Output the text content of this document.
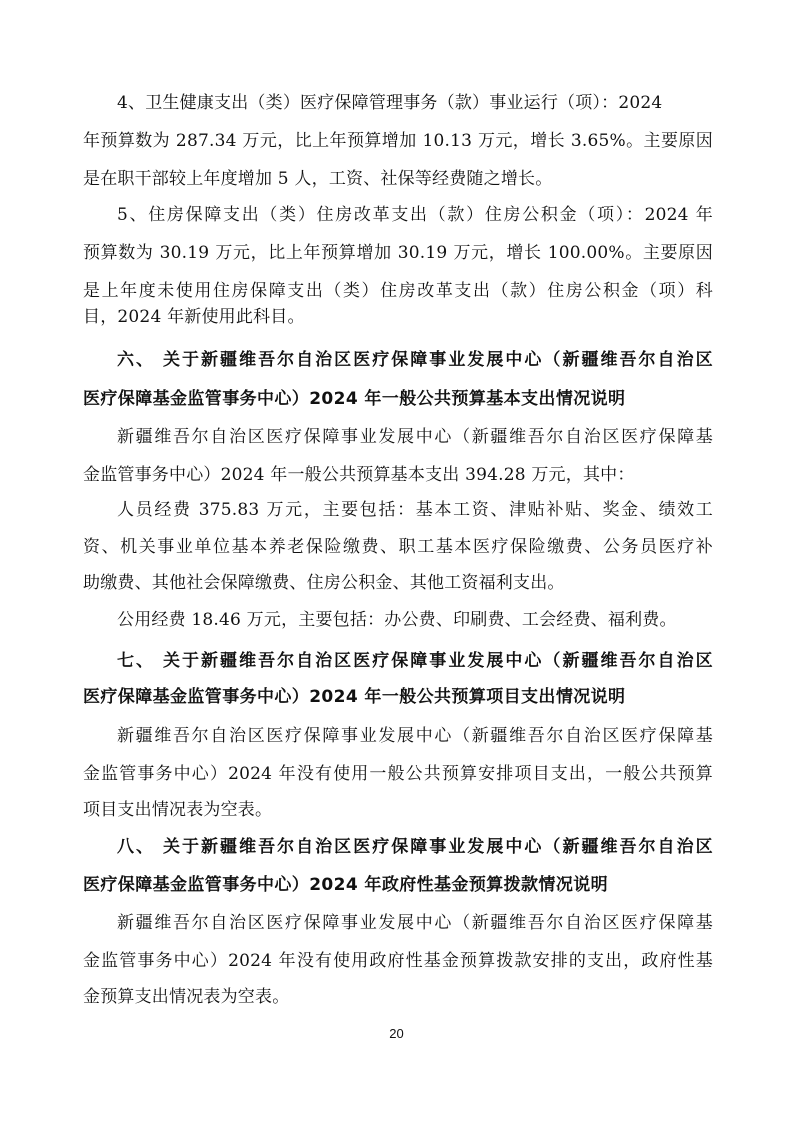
4、卫生健康支出（类）医疗保障管理事务（款）事业运行（项）：2024
年预算数为 287.34 万元，比上年预算增加 10.13 万元，增长 3.65%。主要原因
是在职干部较上年度增加 5 人，工资、社保等经费随之增长。
5、住房保障支出（类）住房改革支出（款）住房公积金（项）：2024 年
预算数为 30.19 万元，比上年预算增加 30.19 万元，增长 100.00%。主要原因
是上年度未使用住房保障支出（类）住房改革支出（款）住房公积金（项）科
目，2024 年新使用此科目。
六、 关于新疆维吾尔自治区医疗保障事业发展中心（新疆维吾尔自治区
医疗保障基金监管事务中心）2024 年一般公共预算基本支出情况说明
新疆维吾尔自治区医疗保障事业发展中心（新疆维吾尔自治区医疗保障基
金监管事务中心）2024 年一般公共预算基本支出 394.28 万元，其中：
人员经费 375.83 万元，主要包括：基本工资、津贴补贴、奖金、绩效工
资、机关事业单位基本养老保险缴费、职工基本医疗保险缴费、公务员医疗补
助缴费、其他社会保障缴费、住房公积金、其他工资福利支出。
公用经费 18.46 万元，主要包括：办公费、印刷费、工会经费、福利费。
七、 关于新疆维吾尔自治区医疗保障事业发展中心（新疆维吾尔自治区
医疗保障基金监管事务中心）2024 年一般公共预算项目支出情况说明
新疆维吾尔自治区医疗保障事业发展中心（新疆维吾尔自治区医疗保障基
金监管事务中心）2024 年没有使用一般公共预算安排项目支出，一般公共预算
项目支出情况表为空表。
八、 关于新疆维吾尔自治区医疗保障事业发展中心（新疆维吾尔自治区
医疗保障基金监管事务中心）2024 年政府性基金预算拨款情况说明
新疆维吾尔自治区医疗保障事业发展中心（新疆维吾尔自治区医疗保障基
金监管事务中心）2024 年没有使用政府性基金预算拨款安排的支出，政府性基
金预算支出情况表为空表。
20
